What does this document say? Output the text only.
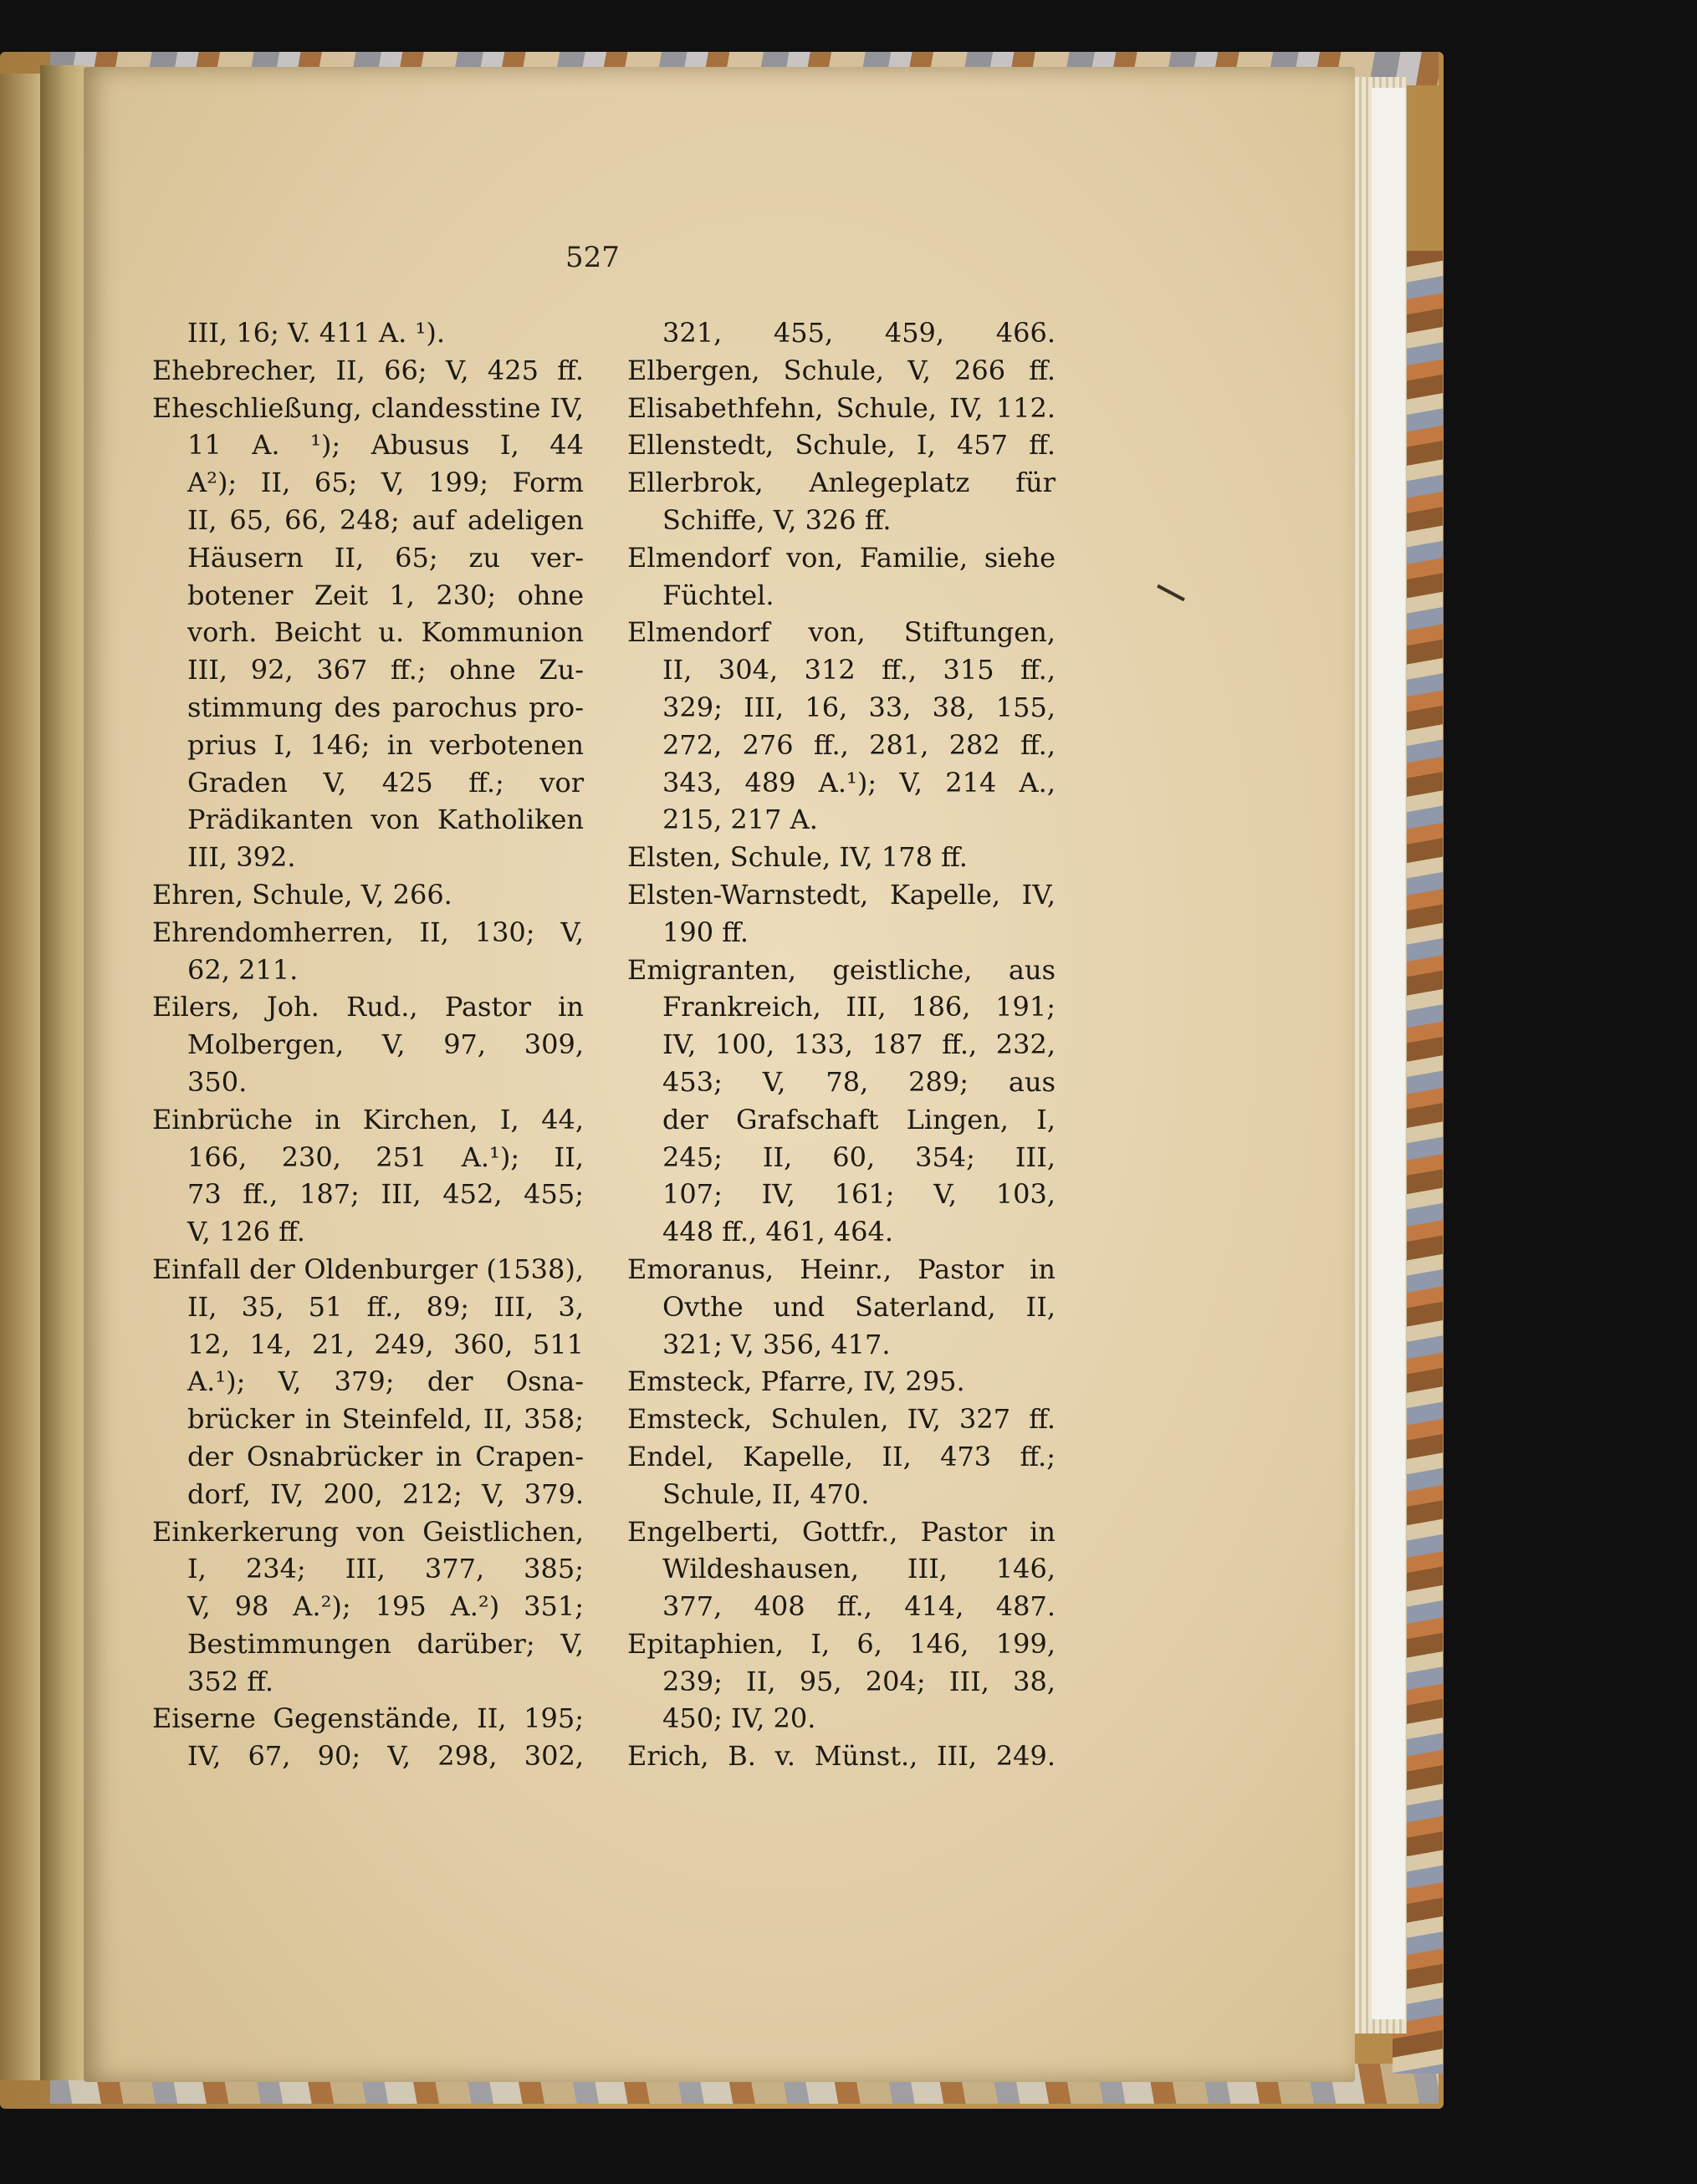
527
III, 16; V. 411 A. ¹).
Ehebrecher, II, 66; V, 425 ff.
Eheschließung, clandesstine IV,
11 A. ¹); Abusus I, 44
A²); II, 65; V, 199; Form
II, 65, 66, 248; auf adeligen
Häusern II, 65; zu ver-
botener Zeit 1, 230; ohne
vorh. Beicht u. Kommunion
III, 92, 367 ff.; ohne Zu-
stimmung des parochus pro-
prius I, 146; in verbotenen
Graden V, 425 ff.; vor
Prädikanten von Katholiken
III, 392.
Ehren, Schule, V, 266.
Ehrendomherren, II, 130; V,
62, 211.
Eilers, Joh. Rud., Pastor in
Molbergen, V, 97, 309,
350.
Einbrüche in Kirchen, I, 44,
166, 230, 251 A.¹); II,
73 ff., 187; III, 452, 455;
V, 126 ff.
Einfall der Oldenburger (1538),
II, 35, 51 ff., 89; III, 3,
12, 14, 21, 249, 360, 511
A.¹); V, 379; der Osna-
brücker in Steinfeld, II, 358;
der Osnabrücker in Crapen-
dorf, IV, 200, 212; V, 379.
Einkerkerung von Geistlichen,
I, 234; III, 377, 385;
V, 98 A.²); 195 A.²) 351;
Bestimmungen darüber; V,
352 ff.
Eiserne Gegenstände, II, 195;
IV, 67, 90; V, 298, 302,
321, 455, 459, 466.
Elbergen, Schule, V, 266 ff.
Elisabethfehn, Schule, IV, 112.
Ellenstedt, Schule, I, 457 ff.
Ellerbrok, Anlegeplatz für
Schiffe, V, 326 ff.
Elmendorf von, Familie, siehe
Füchtel.
Elmendorf von, Stiftungen,
II, 304, 312 ff., 315 ff.,
329; III, 16, 33, 38, 155,
272, 276 ff., 281, 282 ff.,
343, 489 A.¹); V, 214 A.,
215, 217 A.
Elsten, Schule, IV, 178 ff.
Elsten-Warnstedt, Kapelle, IV,
190 ff.
Emigranten, geistliche, aus
Frankreich, III, 186, 191;
IV, 100, 133, 187 ff., 232,
453; V, 78, 289; aus
der Grafschaft Lingen, I,
245; II, 60, 354; III,
107; IV, 161; V, 103,
448 ff., 461, 464.
Emoranus, Heinr., Pastor in
Ovthe und Saterland, II,
321; V, 356, 417.
Emsteck, Pfarre, IV, 295.
Emsteck, Schulen, IV, 327 ff.
Endel, Kapelle, II, 473 ff.;
Schule, II, 470.
Engelberti, Gottfr., Pastor in
Wildeshausen, III, 146,
377, 408 ff., 414, 487.
Epitaphien, I, 6, 146, 199,
239; II, 95, 204; III, 38,
450; IV, 20.
Erich, B. v. Münst., III, 249.
